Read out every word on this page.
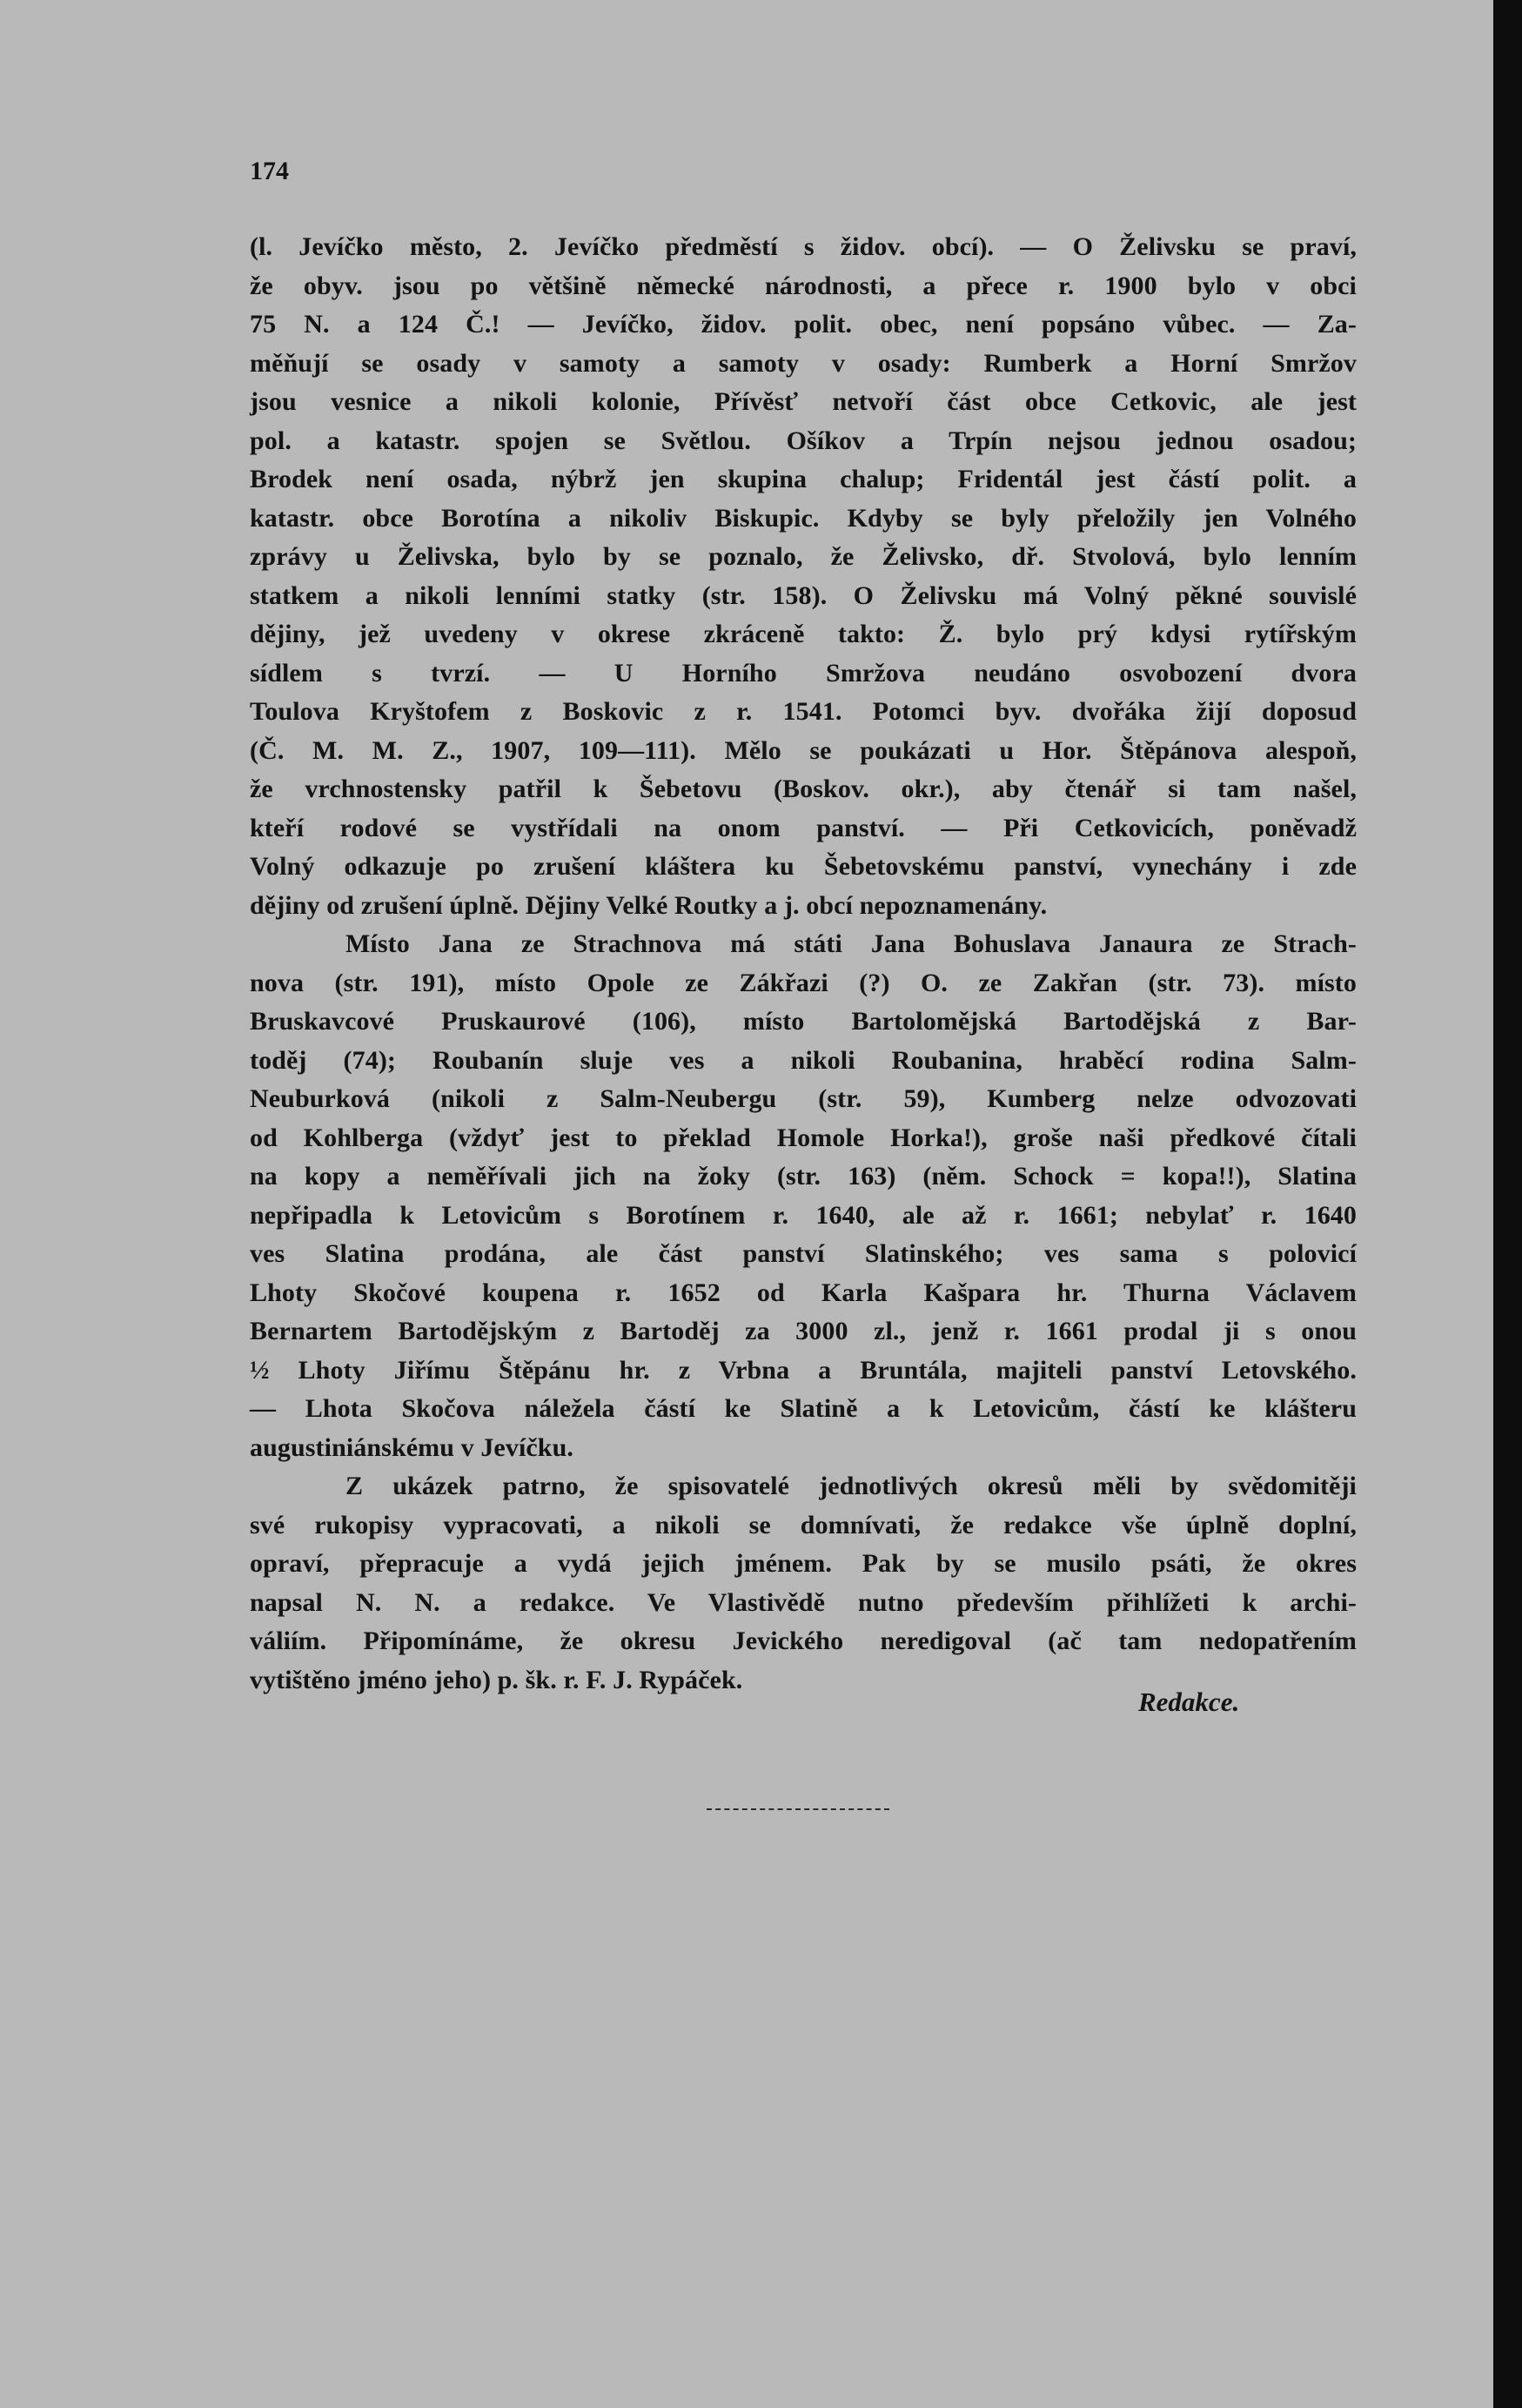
174
(l. Jevíčko město, 2. Jevíčko předměstí s židov. obcí). — O Želivsku se praví,
že obyv. jsou po většině německé národnosti, a přece r. 1900 bylo v obci
75 N. a 124 Č.! — Jevíčko, židov. polit. obec, není popsáno vůbec. — Za-
měňují se osady v samoty a samoty v osady: Rumberk a Horní Smržov
jsou vesnice a nikoli kolonie, Přívěsť netvoří část obce Cetkovic, ale jest
pol. a katastr. spojen se Světlou. Ošíkov a Trpín nejsou jednou osadou;
Brodek není osada, nýbrž jen skupina chalup; Fridentál jest částí polit. a
katastr. obce Borotína a nikoliv Biskupic. Kdyby se byly přeložily jen Volného
zprávy u Želivska, bylo by se poznalo, že Želivsko, dř. Stvolová, bylo lenním
statkem a nikoli lenními statky (str. 158). O Želivsku má Volný pěkné souvislé
dějiny, jež uvedeny v okrese zkráceně takto: Ž. bylo prý kdysi rytířským
sídlem s tvrzí. — U Horního Smržova neudáno osvobození dvora
Toulova Kryštofem z Boskovic z r. 1541. Potomci byv. dvořáka žijí doposud
(Č. M. M. Z., 1907, 109—111). Mělo se poukázati u Hor. Štěpánova alespoň,
že vrchnostensky patřil k Šebetovu (Boskov. okr.), aby čtenář si tam našel,
kteří rodové se vystřídali na onom panství. — Při Cetkovicích, poněvadž
Volný odkazuje po zrušení kláštera ku Šebetovskému panství, vynechány i zde
dějiny od zrušení úplně. Dějiny Velké Routky a j. obcí nepoznamenány.
Místo Jana ze Strachnova má státi Jana Bohuslava Janaura ze Strach-
nova (str. 191), místo Opole ze Zákřazi (?) O. ze Zakřan (str. 73). místo
Bruskavcové Pruskaurové (106), místo Bartolomějská Bartodějská z Bar-
toděj (74); Roubanín sluje ves a nikoli Roubanina, hraběcí rodina Salm-
Neuburková (nikoli z Salm-Neubergu (str. 59), Kumberg nelze odvozovati
od Kohlberga (vždyť jest to překlad Homole Horka!), groše naši předkové čítali
na kopy a neměřívali jich na žoky (str. 163) (něm. Schock = kopa!!), Slatina
nepřipadla k Letovicům s Borotínem r. 1640, ale až r. 1661; nebylať r. 1640
ves Slatina prodána, ale část panství Slatinského; ves sama s polovicí
Lhoty Skočové koupena r. 1652 od Karla Kašpara hr. Thurna Václavem
Bernartem Bartodějským z Bartoděj za 3000 zl., jenž r. 1661 prodal ji s onou
½ Lhoty Jiřímu Štěpánu hr. z Vrbna a Bruntála, majiteli panství Letovského.
— Lhota Skočova náležela částí ke Slatině a k Letovicům, částí ke klášteru
augustiniánskému v Jevíčku.
Z ukázek patrno, že spisovatelé jednotlivých okresů měli by svědomitěji
své rukopisy vypracovati, a nikoli se domnívati, že redakce vše úplně doplní,
opraví, přepracuje a vydá jejich jménem. Pak by se musilo psáti, že okres
napsal N. N. a redakce. Ve Vlastivědě nutno především přihlížeti k archi-
váliím. Připomínáme, že okresu Jevického neredigoval (ač tam nedopatřením
vytištěno jméno jeho) p. šk. r. F. J. Rypáček.
Redakce.
